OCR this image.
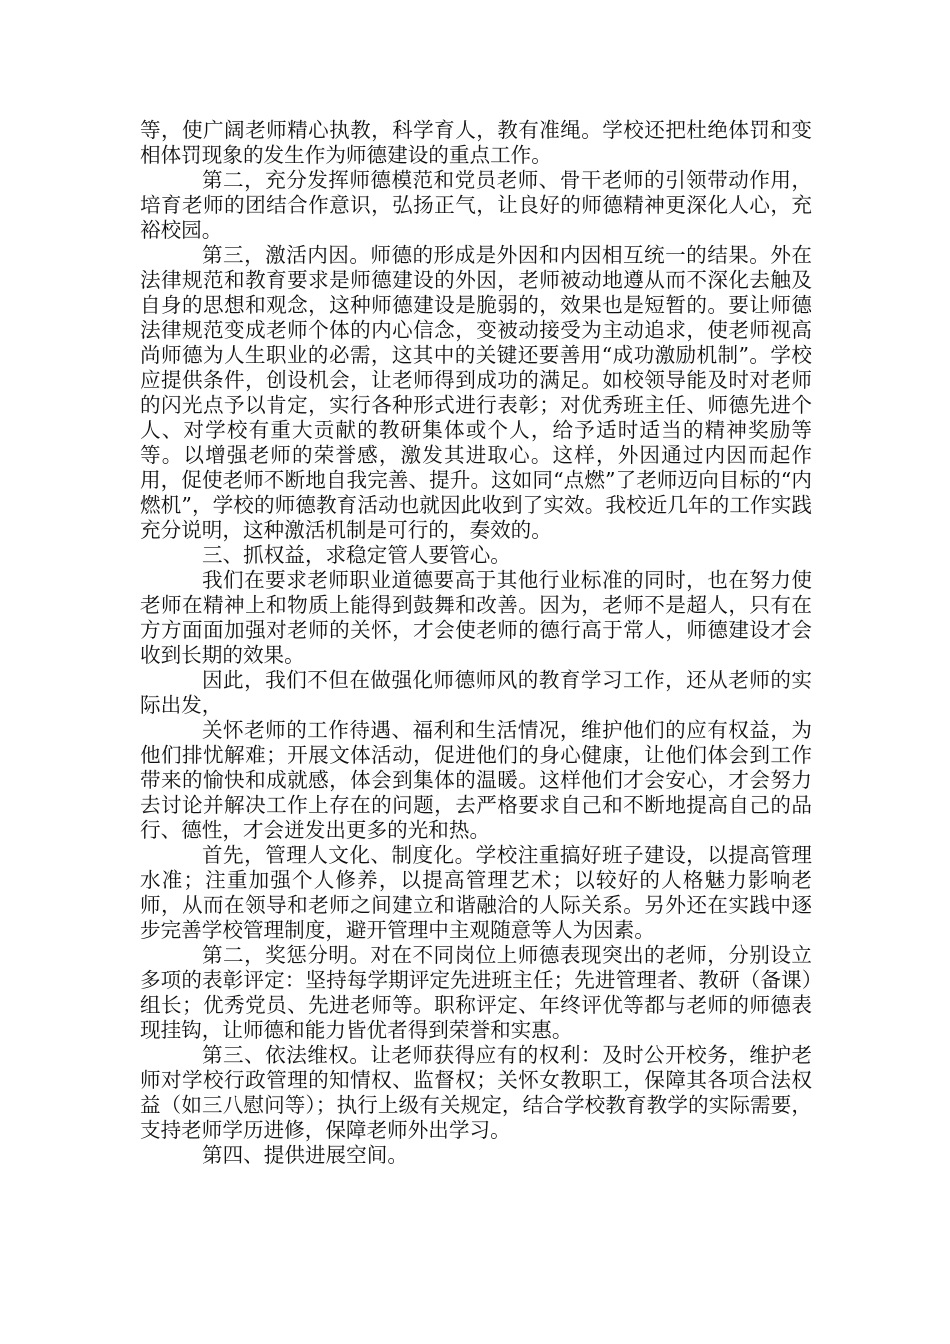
等，使广阔老师精心执教，科学育人，教有准绳。学校还把杜绝体罚和变相体罚现象的发生作为师德建设的重点工作。

第二，充分发挥师德模范和党员老师、骨干老师的引领带动作用，培育老师的团结合作意识，弘扬正气，让良好的师德精神更深化人心，充裕校园。

第三，激活内因。师德的形成是外因和内因相互统一的结果。外在法律规范和教育要求是师德建设的外因，老师被动地遵从而不深化去触及自身的思想和观念，这种师德建设是脆弱的，效果也是短暂的。要让师德法律规范变成老师个体的内心信念，变被动接受为主动追求，使老师视高尚师德为人生职业的必需，这其中的关键还要善用“成功激励机制”。学校应提供条件，创设机会，让老师得到成功的满足。如校领导能及时对老师的闪光点予以肯定，实行各种形式进行表彰；对优秀班主任、师德先进个人、对学校有重大贡献的教研集体或个人，给予适时适当的精神奖励等等。以增强老师的荣誉感，激发其进取心。这样，外因通过内因而起作用，促使老师不断地自我完善、提升。这如同“点燃”了老师迈向目标的“内燃机”，学校的师德教育活动也就因此收到了实效。我校近几年的工作实践充分说明，这种激活机制是可行的，奏效的。

三、抓权益，求稳定管人要管心。

我们在要求老师职业道德要高于其他行业标准的同时，也在努力使老师在精神上和物质上能得到鼓舞和改善。因为，老师不是超人，只有在方方面面加强对老师的关怀，才会使老师的德行高于常人，师德建设才会收到长期的效果。

因此，我们不但在做强化师德师风的教育学习工作，还从老师的实际出发，

关怀老师的工作待遇、福利和生活情况，维护他们的应有权益，为他们排忧解难；开展文体活动，促进他们的身心健康，让他们体会到工作带来的愉快和成就感，体会到集体的温暖。这样他们才会安心，才会努力去讨论并解决工作上存在的问题，去严格要求自己和不断地提高自己的品行、德性，才会迸发出更多的光和热。

首先，管理人文化、制度化。学校注重搞好班子建设，以提高管理水准；注重加强个人修养，以提高管理艺术；以较好的人格魅力影响老师，从而在领导和老师之间建立和谐融洽的人际关系。另外还在实践中逐步完善学校管理制度，避开管理中主观随意等人为因素。

第二，奖惩分明。对在不同岗位上师德表现突出的老师，分别设立多项的表彰评定：坚持每学期评定先进班主任；先进管理者、教研（备课）组长；优秀党员、先进老师等。职称评定、年终评优等都与老师的师德表现挂钩，让师德和能力皆优者得到荣誉和实惠。

第三、依法维权。让老师获得应有的权利：及时公开校务，维护老师对学校行政管理的知情权、监督权；关怀女教职工，保障其各项合法权益（如三八慰问等）；执行上级有关规定，结合学校教育教学的实际需要，支持老师学历进修，保障老师外出学习。

第四、提供进展空间。
